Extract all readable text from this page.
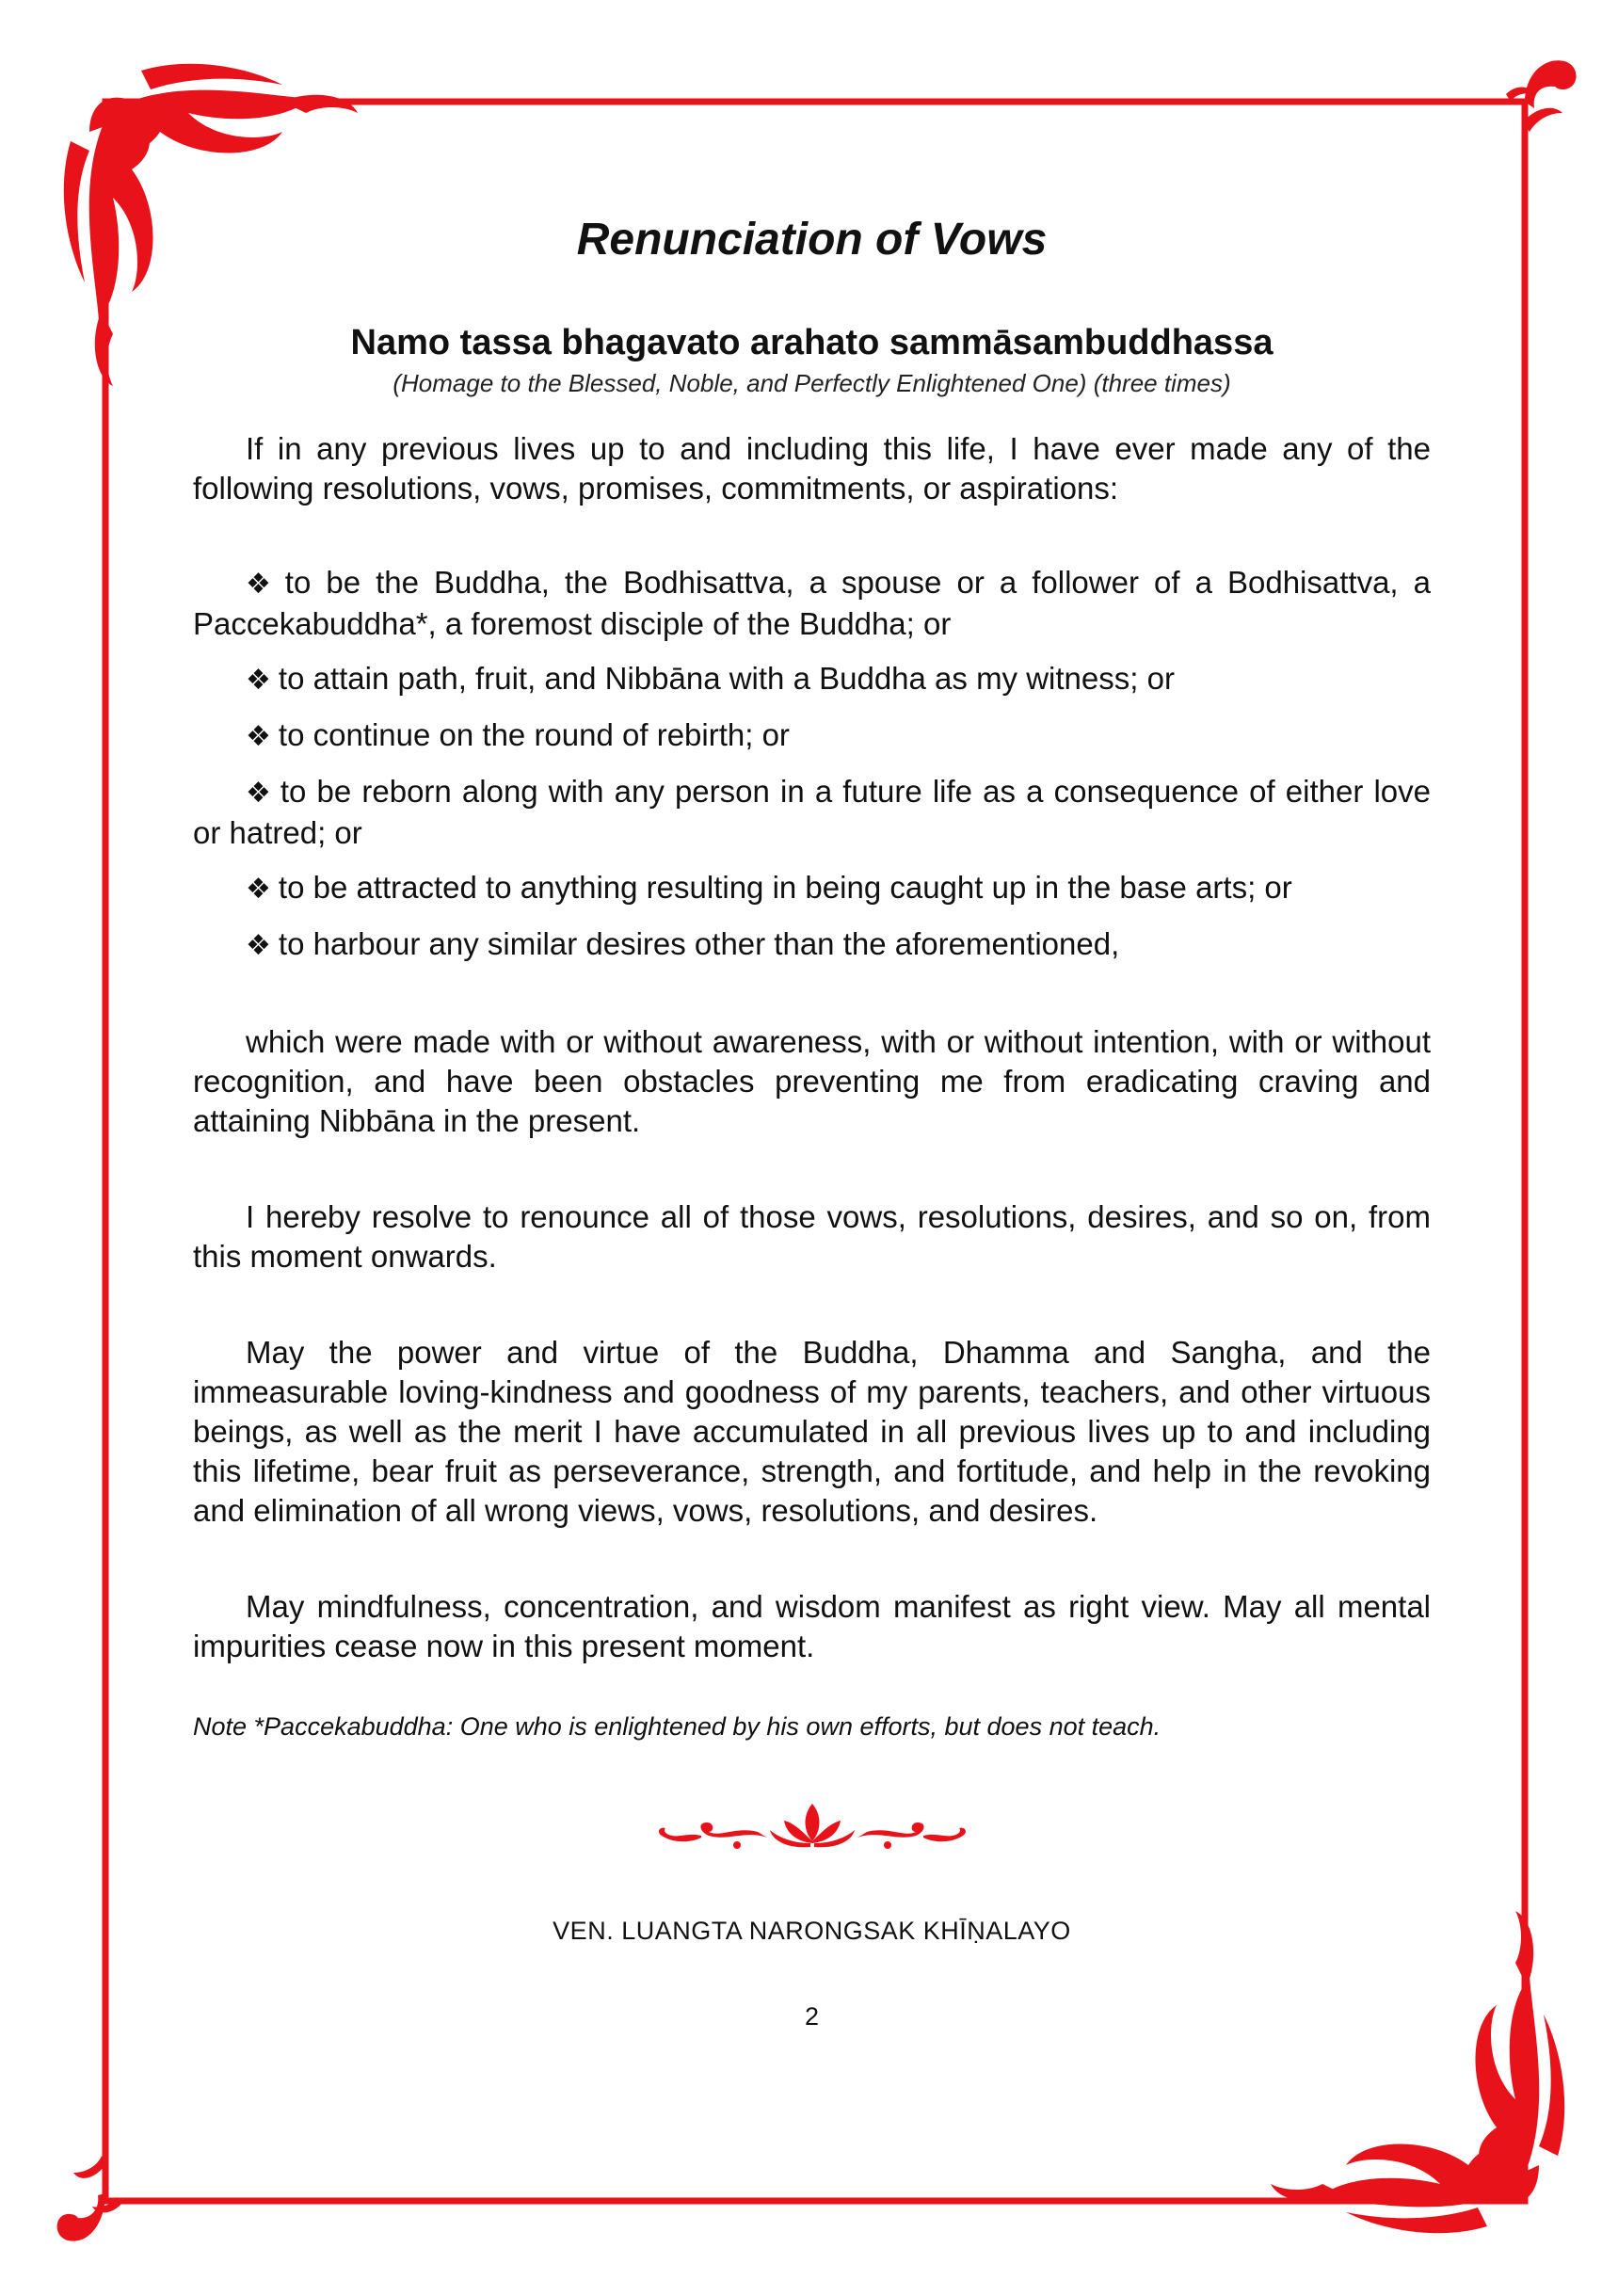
Renunciation of Vows
Namo tassa bhagavato arahato sammāsambuddhassa
(Homage to the Blessed, Noble, and Perfectly Enlightened One) (three times)

If in any previous lives up to and including this life, I have ever made any of the following resolutions, vows, promises, commitments, or aspirations:

❖ to be the Buddha, the Bodhisattva, a spouse or a follower of a Bodhisattva, a Paccekabuddha*, a foremost disciple of the Buddha; or

❖ to attain path, fruit, and Nibbāna with a Buddha as my witness; or

❖ to continue on the round of rebirth; or

❖ to be reborn along with any person in a future life as a consequence of either love or hatred; or

❖ to be attracted to anything resulting in being caught up in the base arts; or

❖ to harbour any similar desires other than the aforementioned,

which were made with or without awareness, with or without intention, with or without recognition, and have been obstacles preventing me from eradicating craving and attaining Nibbāna in the present.

I hereby resolve to renounce all of those vows, resolutions, desires, and so on, from this moment onwards.

May the power and virtue of the Buddha, Dhamma and Sangha, and the immeasurable loving-kindness and goodness of my parents, teachers, and other virtuous beings, as well as the merit I have accumulated in all previous lives up to and including this lifetime, bear fruit as perseverance, strength, and fortitude, and help in the revoking and elimination of all wrong views, vows, resolutions, and desires.

May mindfulness, concentration, and wisdom manifest as right view. May all mental impurities cease now in this present moment.

Note *Paccekabuddha: One who is enlightened by his own efforts, but does not teach.
VEN. LUANGTA NARONGSAK KHĪṆALAYO
2
